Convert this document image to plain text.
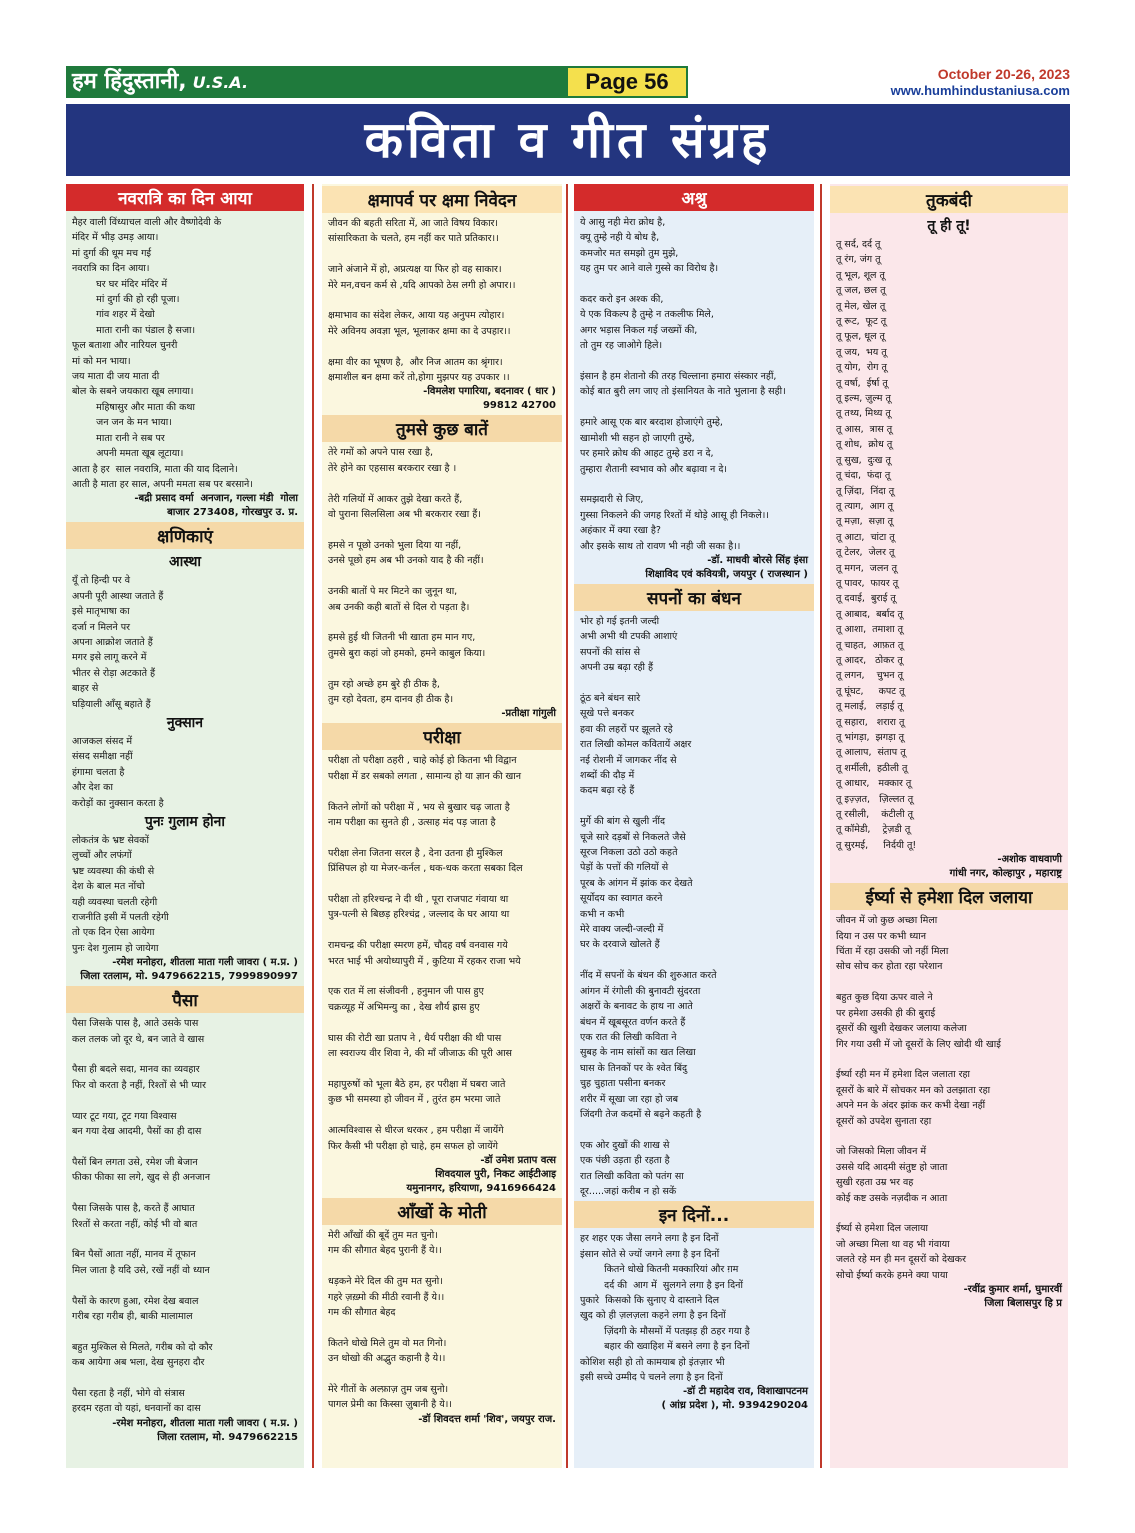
हम हिंदुस्तानी, U.S.A.	Page 56	October 20-26, 2023
www.humhindustaniusa.com
कविता व गीत संग्रह
नवरात्रि का दिन आया

मैहर वाली विंध्याचल वाली और वैष्णोदेवी के
मंदिर में भीड़ उमड़ आया।
मां दुर्गा की धूम मच गई
नवरात्रि का दिन आया।
घर घर मंदिर मंदिर में
मां दुर्गा की हो रही पूजा।
गांव शहर में देखो
माता रानी का पंडाल है सजा।
फूल बताशा और नारियल चुनरी
मां को मन भाया।
जय माता दी जय माता दी
बोल के सबने जयकारा खूब लगाया।
महिषासुर और माता की कथा
जन जन के मन भाया।
माता रानी ने सब पर
अपनी ममता खूब लूटाया।
आता है हर  साल नवरात्रि, माता की याद दिलाने।
आती है माता हर साल, अपनी ममता सब पर बरसाने।

-बद्री प्रसाद वर्मा  अनजान, गल्ला मंडी  गोला
बाजार 273408, गोरखपुर उ. प्र.

क्षणिकाएं
आस्था

यूँ तो हिन्दी पर वे
अपनी पूरी आस्था जताते हैं
इसे मातृभाषा का
दर्जा न मिलने पर
अपना आक्रोश जताते हैं
मगर इसे लागू करने में
भीतर से रोड़ा अटकाते हैं
बाहर से
घड़ियाली आँसू बहाते हैं

नुक्सान

आजकल संसद में
संसद समीक्षा नहीं
हंगामा चलता है
और देश का
करोड़ों का नुक्सान करता है

पुनः गुलाम होना

लोकतंत्र के भ्रष्ट सेवकों
लुच्चों और लफंगों
भ्रष्ट व्यवस्था की कंधी से
देश के बाल मत नोंचो
यही व्यवस्था चलती रहेगी
राजनीति इसी में पलती रहेगी
तो एक दिन ऐसा आयेगा
पुनः देश गुलाम हो जायेगा

-रमेश मनोहरा, शीतला माता गली जावरा ( म.प्र. )
जिला रतलाम, मो. 9479662215, 7999890997

पैसा

पैसा जिसके पास है, आते उसके पास
कल तलक जो दूर थे, बन जाते वे खास

पैसा ही बदले सदा, मानव का व्यवहार
फिर वो करता है नहीं, रिश्तों से भी प्यार

प्यार टूट गया, टूट गया विश्वास
बन गया देख आदमी, पैसों का ही दास

पैसों बिन लगता उसे, रमेश जी बेजान
फीका फीका सा लगे, खुद से ही अनजान

पैसा जिसके पास है, करते हैं आघात
रिश्तों से करता नहीं, कोई भी वो बात

बिन पैसों आता नहीं, मानव में तूफान
मिल जाता है यदि उसे, रखें नहीं वो ध्यान

पैसों के कारण हुआ, रमेश देख बवाल
गरीब रहा गरीब ही, बाकी मालामाल

बहुत मुश्किल से मिलते, गरीब को दो कौर
कब आयेगा अब भला, देख सुनहरा दौर

पैसा रहता है नहीं, भोगे वो संत्रास
हरदम रहता वो यहां, धनवानों का दास

-रमेश मनोहरा, शीतला माता गली जावरा ( म.प्र. )
जिला रतलाम, मो. 9479662215

क्षमापर्व पर क्षमा निवेदन

जीवन की बहती सरिता में, आ जाते विषय विकार।
सांसारिकता के चलते, हम नहीं कर पाते प्रतिकार।।

जाने अंजाने में हो, अप्रत्यक्ष या फिर हो वह साकार।
मेरे मन,वचन कर्म से ,यदि आपको ठेस लगी हो अपार।।

क्षमाभाव का संदेश लेकर, आया यह अनुपम त्योहार।
मेरे अविनय अवज्ञा भूल, भूलाकर क्षमा का दे उपहार।।

क्षमा वीर का भूषण है,  और निज आतम का श्रृंगार।
क्षमाशील बन क्षमा करें तो,होगा मुझपर यह उपकार ।।

-विमलेश पगारिया, बदनावर ( धार )
99812 42700

तुमसे कुछ बातें

तेरे गमों को अपने पास रखा है,
तेरे होने का एहसास बरकरार रखा है ।

तेरी गलियों में आकर तुझे देखा करते हैं,
वो पुराना सिलसिला अब भी बरकरार रखा हैं।

हमसे न पूछो उनको भुला दिया या नहीं,
उनसे पूछो हम अब भी उनको याद है की नहीं।

उनकी बातों पे मर मिटने का जुनून था,
अब उनकी कही बातों से दिल रो पड़ता है।

हमसे हुई थी जितनी भी खाता हम मान गए,
तुमसे बुरा कहां जो हमको, हमने काबुल किया।

तुम रहो अच्छे हम बुरे ही ठीक है,
तुम रहो देवता, हम दानव ही ठीक है।

-प्रतीक्षा गांगुली

परीक्षा

परीक्षा तो परीक्षा ठहरी , चाहे कोई हो कितना भी विद्वान
परीक्षा में डर सबको लगता , सामान्य हो या ज्ञान की खान

कितने लोगों को परीक्षा में , भय से बुखार चढ़ जाता है
नाम परीक्षा का सुनते ही , उत्साह मंद पड़ जाता है

परीक्षा लेना जितना सरल है , देना उतना ही मुश्किल
प्रिंसिपल हो या मेजर-कर्नल , धक-धक करता सबका दिल

परीक्षा तो हरिश्चन्द्र ने दी थी , पूरा राजपाट गंवाया था
पुत्र-पत्नी से बिछड़ हरिश्चंद्र , जल्लाद के घर आया था

रामचन्द्र की परीक्षा स्मरण हमें, चौदह वर्ष वनवास गये
भरत भाई भी अयोध्यापुरी में , कुटिया में रहकर राजा भये

एक रात में ला संजीवनी , हनुमान जी पास हुए
चक्रव्यूह में अभिमन्यु का , देख शौर्य ह्रास हुए

घास की रोटी खा प्रताप ने , धैर्य परीक्षा की थी पास
ला स्वराज्य वीर शिवा ने, की माँ जीजाऊ की पूरी आस

महापुरुषों को भूला बैठे हम, हर परीक्षा में घबरा जाते
कुछ भी समस्या हो जीवन में , तुरंत हम भरमा जाते

आत्मविश्वास से धीरज धरकर , हम परीक्षा में जायेंगे
फिर कैसी भी परीक्षा हो चाहे, हम सफल हो जायेंगे

-डॉ उमेश प्रताप वत्स
शिवदयाल पुरी, निकट आईटीआइ
यमुनानगर, हरियाणा, 9416966424

आँखों के मोती

मेरी आँखों की बूदें तुम मत चुनो।
गम की सौगात बेहद पुरानी हैं ये।।

धड़कने मेरे दिल की तुम मत सुनो।
गहरे ज़ख़्मो की मीठी रवानी हैं ये।।
गम की सौगात बेहद

कितने धोखे मिले तुम वो मत गिनो।
उन धोखो की अद्भुत कहानी है ये।।

मेरे गीतों के अल्फ़ाज़ तुम जब सुनो।
पागल प्रेमी का किस्सा ज़ुबानी है ये।।

-डॉ शिवदत्त शर्मा 'शिव', जयपुर राज.

अश्रु

ये आसु नही मेरा क्रोध है,
क्यू तुम्हे नही ये बोध है,
कमजोर मत समझो तुम मुझे,
यह तुम पर आने वाले गुस्से का विरोध है।

कदर करो इन अश्क की,
ये एक विकल्प है तुम्हे न तकलीफ मिले,
अगर भड़ास निकल गई जख्मों की,
तो तुम रह जाओगे हिले।

इंसान है हम शेतानो की तरह चिल्लाना हमारा संस्कार नहीं,
कोई बात बुरी लग जाए तो इंसानियत के नाते भुलाना है सही।

हमारे आसू एक बार बरदाश होजाएंगे तुम्हे,
खामोशी भी सहन हो जाएगी तुम्हे,
पर हमारे क्रोध की आहट तुम्हे डरा न दे,
तुम्हारा शैतानी स्वभाव को और बढ़ावा न दे।

समझदारी से जिए,
गुस्सा निकलने की जगह रिश्तों में थोड़े आसू ही निकले।।
अहंकार में क्या रखा है?
और इसके साथ तो रावण भी नही जी सका है।।

-डॉ. माधवी बोरसे सिंह इंसा
शिक्षाविद एवं कवियत्री, जयपुर ( राजस्थान )

सपनों का बंधन

भोर हो गई इतनी जल्दी
अभी अभी थी टपकी आशाएं
सपनों की सांस से
अपनी उम्र बढ़ा रही हैं

ठूंठ बने बंधन सारे
सूखे पत्ते बनकर
हवा की लहरों पर झूलते रहे
रात लिखी कोमल कवितायें अक्षर
नई रोशनी में जागकर नींद से
शब्दों की दौड़ में
कदम बढ़ा रहे हैं

मुर्गे की बांग से खुली नींद
चूजे सारे दड़बों से निकलते जैसे
सूरज निकला उठो उठो कहते
पेड़ों के पत्तों की गलियों से
पूरब के आंगन में झांक कर देखते
सूर्योदय का स्वागत करने
कभी न कभी
मेरे वाक्य जल्दी-जल्दी में
घर के दरवाजे खोलते हैं

नींद में सपनों के बंधन की शुरुआत करते
आंगन में रंगोली की बुनावटी सुंदरता
अक्षरों के बनावट के हाथ ना आते
बंधन में खूबसूरत वर्णन करते हैं
एक रात की लिखी कविता ने
सुबह के नाम सांसों का खत लिखा
घास के तिनकों पर के श्वेत बिंदु
चुह चुहाता पसीना बनकर
शरीर में सूखा जा रहा हो जब
जिंदगी तेज कदमों से बढ़ने कहती है

एक ओर दुखों की शाख से
एक पंछी उड़ता ही रहता है
रात लिखी कविता को पतंग सा
दूर.....जहां करीब न हो सकें

इन दिनों...

हर शहर एक जैसा लगने लगा है इन दिनों
इंसान सोते से ज्यों जगने लगा है इन दिनों
कितने धोखे कितनी मक्कारियां और ग़म
दर्द की  आग में  सुलगने लगा है इन दिनों
पुकारे  किसको कि सुनाए ये दास्ताने दिल
खुद को ही ज़लज़ला कहने लगा है इन दिनों
ज़िंदगी के मौसमों में पतझड़ ही ठहर गया है
बहार की ख्वाहिश में बसने लगा है इन दिनों
कोशिश सही हो तो कामयाब हो इंतज़ार भी
इसी सच्चे उम्मीद पे चलने लगा है इन दिनों

-डॉ टी महादेव राव, विशाखापटनम
( आंध्र प्रदेश ), मो. 9394290204

तुकबंदी
तू ही तू!

तू सर्द, दर्द तू
तू रंग, जंग तू
तू भूल, शूल तू
तू जल, छल तू
तू मेल, खेल तू
तू रूट,  फूट तू
तू फूल, धूल तू
तू जय,  भय तू
तू योग,  रोग तू
तू वर्षा,  ईर्षा तू
तू इल्म, ज़ुल्म तू
तू तथ्य, मिथ्य तू
तू आस,  त्रास तू
तू शोध,  क्रोध तू
तू सुख,  दुःख तू
तू चंदा,  फंदा तू
तू ज़िंदा,  निंदा तू
तू त्याग,  आग तू
तू मज़ा,  सज़ा तू
तू आटा,  चांटा तू
तू टेलर,  जेलर तू
तू मगन,  जलन तू
तू पावर,  फायर तू
तू दवाई,  बुराई तू
तू आबाद,  बर्बाद तू
तू आशा,  तमाशा तू
तू चाहत,  आफ़त तू
तू आदर,   ठोकर तू
तू लगन,    चुभन तू
तू घूंघट,     कपट तू
तू मलाई,   लड़ाई तू
तू सहारा,   शरारा तू
तू भांगड़ा,  झगड़ा तू
तू आलाप,  संताप तू
तू शर्मीली,  हठीली तू
तू आधार,   मक्कार तू
तू इज़्ज़त,   ज़िल्लत तू
तू रसीली,    कंटीली तू
तू कॉमेडी,    ट्रेज़डी तू
तू सुरमई,     निर्दयी तू!

-अशोक वाधवाणी
गांधी नगर, कोल्हापुर , महाराष्ट्र

ईर्ष्या से हमेशा दिल जलाया

जीवन में जो कुछ अच्छा मिला
दिया न उस पर कभी ध्यान
चिंता में रहा उसकी जो नहीं मिला
सोच सोच कर होता रहा परेशान

बहुत कुछ दिया ऊपर वाले ने
पर हमेशा उसकी ही की बुराई
दूसरों की खुशी देखकर जलाया कलेजा
गिर गया उसी में जो दूसरों के लिए खोदी थी खाई

ईर्ष्या रही मन में हमेशा दिल जलाता रहा
दूसरों के बारे में सोचकर मन को उलझाता रहा
अपने मन के अंदर झांक कर कभी देखा नहीं
दूसरों को उपदेश सुनाता रहा

जो जिसको मिला जीवन में
उससे यदि आदमी संतुष्ट हो जाता
सुखी रहता उम्र भर वह
कोई कष्ट उसके नज़दीक न आता

ईर्ष्या से हमेशा दिल जलाया
जो अच्छा मिला था वह भी गंवाया
जलते रहे मन ही मन दूसरों को देखकर
सोचो ईर्ष्या करके हमने क्या पाया

-रवींद्र कुमार शर्मा, घुमारवीं
जिला बिलासपुर हि प्र
